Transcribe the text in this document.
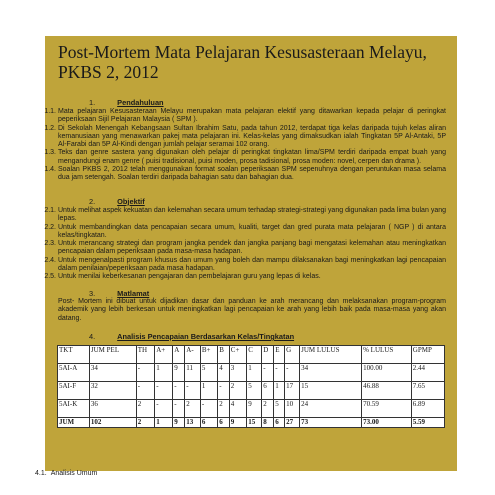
Post-Mortem Mata Pelajaran Kesusasteraan Melayu, PKBS 2, 2012
1.	Pendahuluan
1.1. Mata pelajaran Kesusasteraan Melayu merupakan mata pelajaran elektif yang ditawarkan kepada pelajar di peringkat peperiksaan Sijil Pelajaran Malaysia ( SPM ).
1.2. Di Sekolah Menengah Kebangsaan Sultan Ibrahim Satu, pada tahun 2012, terdapat tiga kelas daripada tujuh kelas aliran kemanusiaan yang menawarkan pakej mata pelajaran ini. Kelas-kelas yang dimaksudkan ialah Tingkatan 5P Al-Antaki, 5P Al-Farabi dan 5P Al-Kindi dengan jumlah pelajar seramai 102 orang.
1.3. Teks dan genre sastera yang digunakan oleh pelajar di peringkat tingkatan lima/SPM terdiri daripada empat buah yang mengandungi enam genre ( puisi tradisional, puisi moden, prosa tadisional, prosa moden: novel, cerpen dan drama ).
1.4. Soalan PKBS 2, 2012 telah menggunakan format soalan peperiksaan SPM sepenuhnya dengan peruntukan masa selama dua jam setengah. Soalan terdiri daripada bahagian satu dan bahagian dua.
2.	Objektif
2.1. Untuk melihat aspek kekuatan dan kelemahan secara umum terhadap strategi-strategi yang digunakan pada lima bulan yang lepas.
2.2. Untuk membandingkan data pencapaian secara umum, kualiti, target dan gred purata mata pelajaran ( NGP ) di antara kelas/tingkatan.
2.3. Untuk merancang strategi dan program jangka pendek dan jangka panjang bagi mengatasi kelemahan atau meningkatkan pencapaian dalam peperiksaan pada masa-masa hadapan.
2.4. Untuk mengenalpasti program khusus dan umum yang boleh dan mampu dilaksanakan bagi meningkatkan lagi pencapaian dalam penilaian/peperiksaan pada masa hadapan.
2.5. Untuk menilai keberkesanan pengajaran dan pembelajaran guru yang lepas di kelas.
3.	Matlamat
Post- Mortem ini dibuat untuk dijadikan dasar dan panduan ke arah merancang dan melaksanakan program-program akademik yang lebih berkesan untuk meningkatkan lagi pencapaian ke arah yang lebih baik pada masa-masa yang akan datang.
4.	Analisis Pencapaian Berdasarkan Kelas/Tingkatan
TKT	JUM PEL	TH	A+	A	A-	B+	B	C+	C	D	E	G	JUM LULUS	% LULUS	GPMP
5AI-A	34	-	1	9	11	5	4	3	1	-	-	-	34	100.00	2.44
5AI-F	32	-	-	-	-	1	-	2	5	6	1	17	15	46.88	7.65
5AI-K	36	2	-	-	2	-	2	4	9	2	5	10	24	70.59	6.89
JUM	102	2	1	9	13	6	6	9	15	8	6	27	73	73.00	5.59
4.1. Analisis Umum
